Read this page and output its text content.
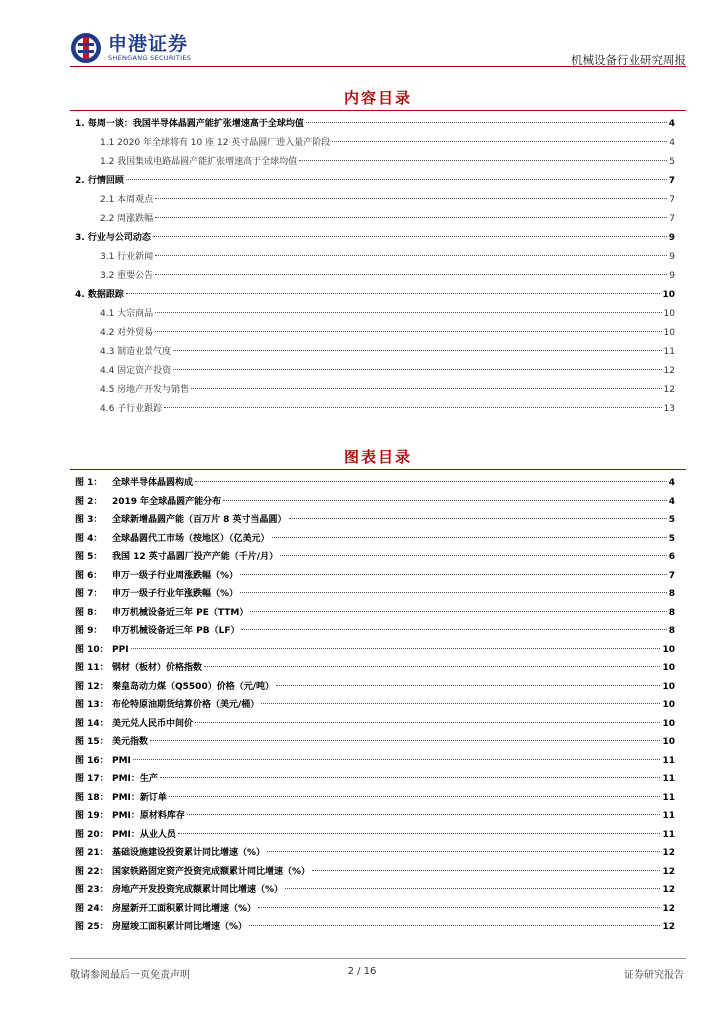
申港证券
SHENGANG SECURITIES	机械设备行业研究周报
内容目录
1. 每周一谈：我国半导体晶圆产能扩张增速高于全球均值	4
1.1 2020 年全球将有 10 座 12 英寸晶圆厂进入量产阶段	4
1.2 我国集成电路晶圆产能扩张增速高于全球均值	5
2. 行情回顾	7
2.1 本周观点	7
2.2 周涨跌幅	7
3. 行业与公司动态	9
3.1 行业新闻	9
3.2 重要公告	9
4. 数据跟踪	10
4.1 大宗商品	10
4.2 对外贸易	10
4.3 制造业景气度	11
4.4 固定资产投资	12
4.5 房地产开发与销售	12
4.6 子行业跟踪	13
图表目录
图 1：	全球半导体晶圆构成	4
图 2：	2019 年全球晶圆产能分布	4
图 3：	全球新增晶圆产能（百万片 8 英寸当晶圆）	5
图 4：	全球晶圆代工市场（按地区）（亿美元）	5
图 5：	我国 12 英寸晶圆厂投产产能（千片/月）	6
图 6：	申万一级子行业周涨跌幅（%）	7
图 7：	申万一级子行业年涨跌幅（%）	8
图 8：	申万机械设备近三年 PE（TTM）	8
图 9：	申万机械设备近三年 PB（LF）	8
图 10： PPI	10
图 11： 钢材（板材）价格指数	10
图 12： 秦皇岛动力煤（Q5500）价格（元/吨）	10
图 13： 布伦特原油期货结算价格（美元/桶）	10
图 14： 美元兑人民币中间价	10
图 15： 美元指数	10
图 16： PMI	11
图 17： PMI：生产	11
图 18： PMI：新订单	11
图 19： PMI：原材料库存	11
图 20： PMI：从业人员	11
图 21： 基础设施建设投资累计同比增速（%）	12
图 22： 国家铁路固定资产投资完成额累计同比增速（%）	12
图 23： 房地产开发投资完成额累计同比增速（%）	12
图 24： 房屋新开工面积累计同比增速（%）	12
图 25： 房屋竣工面积累计同比增速（%）	12
敬请参阅最后一页免责声明	2 / 16	证券研究报告
